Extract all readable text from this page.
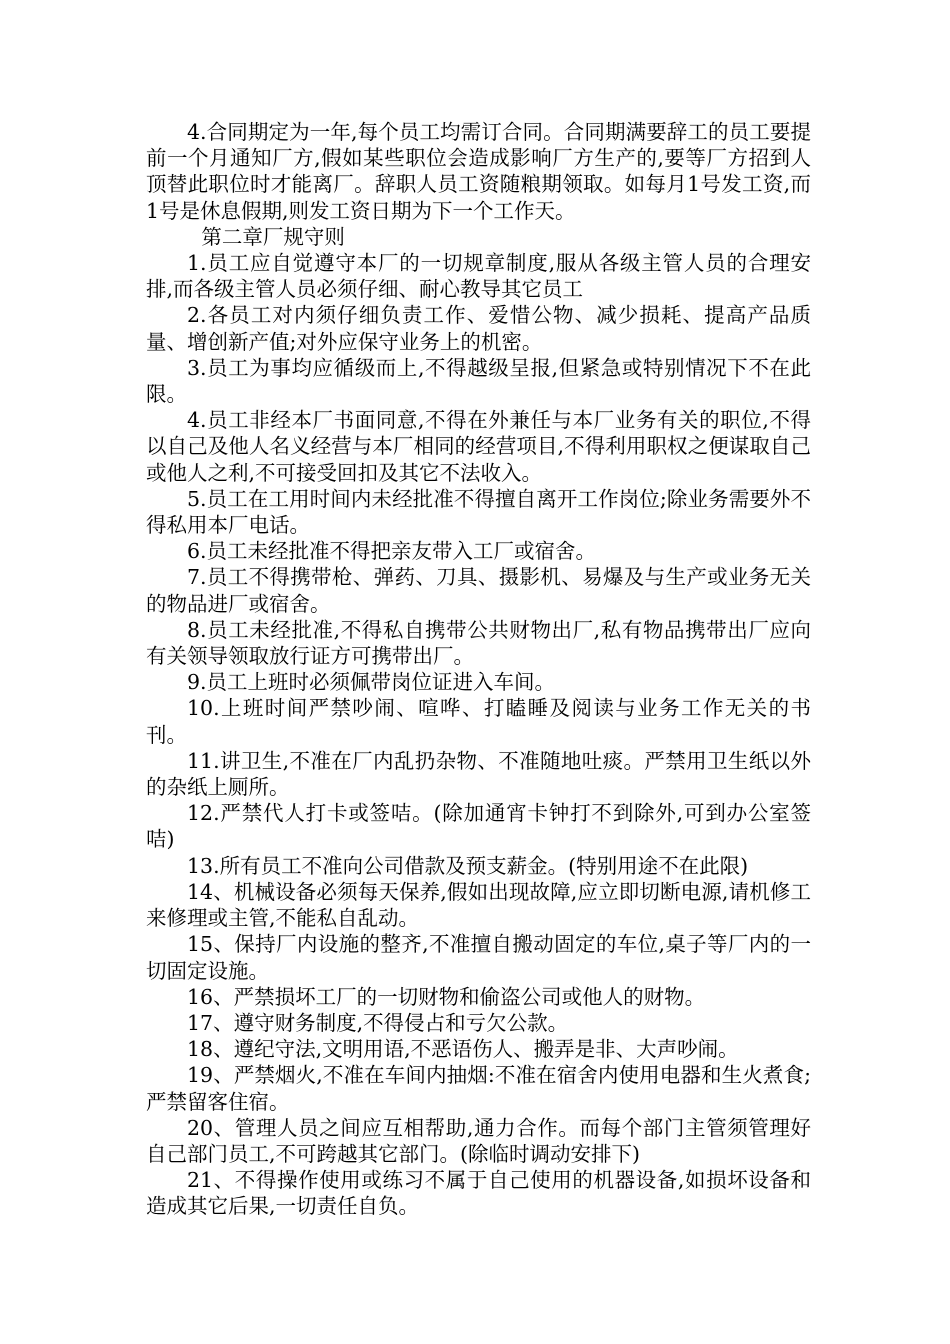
4.合同期定为一年,每个员工均需订合同。合同期满要辞工的员工要提前一个月通知厂方,假如某些职位会造成影响厂方生产的,要等厂方招到人顶替此职位时才能离厂。辞职人员工资随粮期领取。如每月1号发工资,而1号是休息假期,则发工资日期为下一个工作天。

第二章厂规守则

1.员工应自觉遵守本厂的一切规章制度,服从各级主管人员的合理安排,而各级主管人员必须仔细、耐心教导其它员工

2.各员工对内须仔细负责工作、爱惜公物、减少损耗、提高产品质量、增创新产值;对外应保守业务上的机密。

3.员工为事均应循级而上,不得越级呈报,但紧急或特别情况下不在此限。

4.员工非经本厂书面同意,不得在外兼任与本厂业务有关的职位,不得以自己及他人名义经营与本厂相同的经营项目,不得利用职权之便谋取自己或他人之利,不可接受回扣及其它不法收入。

5.员工在工用时间内未经批准不得擅自离开工作岗位;除业务需要外不得私用本厂电话。

6.员工未经批准不得把亲友带入工厂或宿舍。

7.员工不得携带枪、弹药、刀具、摄影机、易爆及与生产或业务无关的物品进厂或宿舍。

8.员工未经批准,不得私自携带公共财物出厂,私有物品携带出厂应向有关领导领取放行证方可携带出厂。

9.员工上班时必须佩带岗位证进入车间。

10.上班时间严禁吵闹、喧哗、打瞌睡及阅读与业务工作无关的书刊。

11.讲卫生,不准在厂内乱扔杂物、不准随地吐痰。严禁用卫生纸以外的杂纸上厕所。

12.严禁代人打卡或签咭。(除加通宵卡钟打不到除外,可到办公室签咭)

13.所有员工不准向公司借款及预支薪金。(特别用途不在此限)

14、机械设备必须每天保养,假如出现故障,应立即切断电源,请机修工来修理或主管,不能私自乱动。

15、保持厂内设施的整齐,不准擅自搬动固定的车位,桌子等厂内的一切固定设施。

16、严禁损坏工厂的一切财物和偷盗公司或他人的财物。

17、遵守财务制度,不得侵占和亏欠公款。

18、遵纪守法,文明用语,不恶语伤人、搬弄是非、大声吵闹。

19、严禁烟火,不准在车间内抽烟:不准在宿舍内使用电器和生火煮食;严禁留客住宿。

20、管理人员之间应互相帮助,通力合作。而每个部门主管须管理好自己部门员工,不可跨越其它部门。(除临时调动安排下)

21、不得操作使用或练习不属于自己使用的机器设备,如损坏设备和造成其它后果,一切责任自负。
